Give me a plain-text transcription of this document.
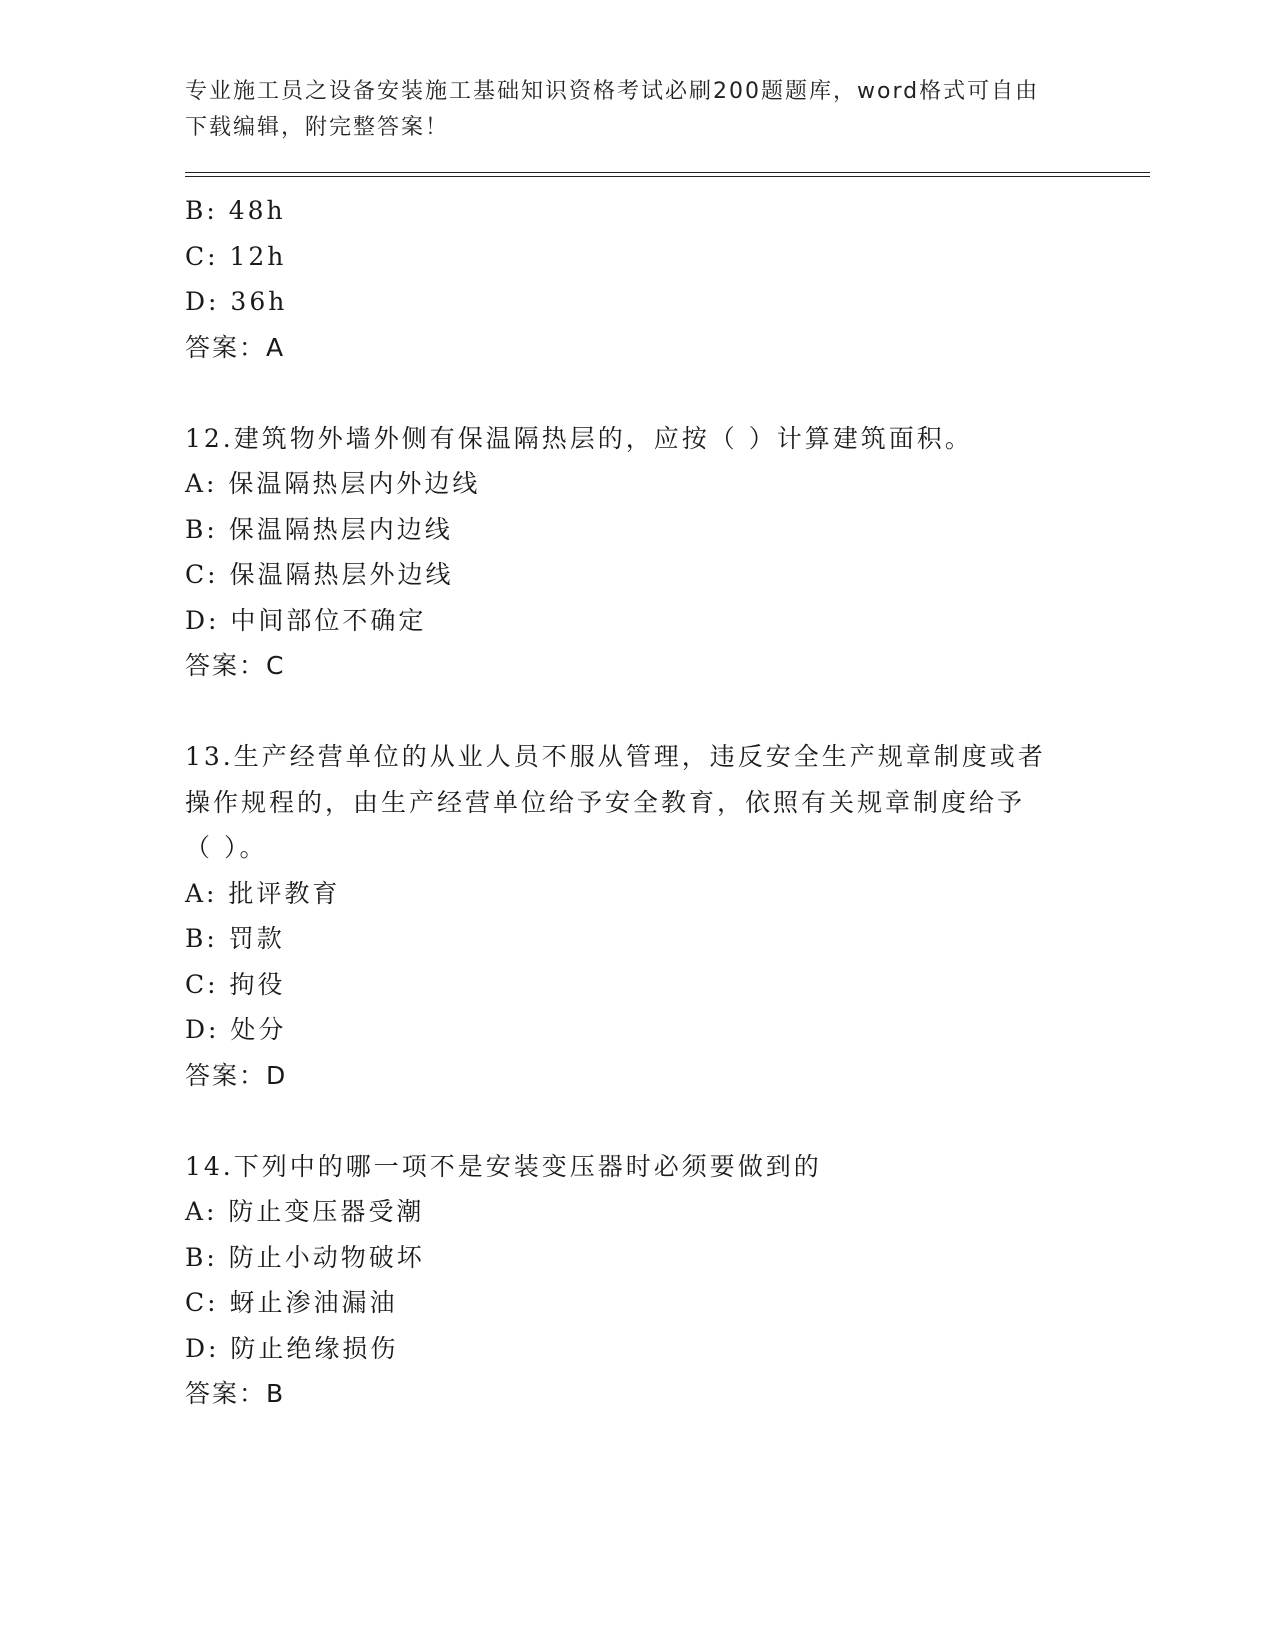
专业施工员之设备安装施工基础知识资格考试必刷200题题库，word格式可自由
下载编辑，附完整答案！
B: 48h
C: 12h
D: 36h
答案：A
12.建筑物外墙外侧有保温隔热层的，应按（ ）计算建筑面积。
A: 保温隔热层内外边线
B: 保温隔热层内边线
C: 保温隔热层外边线
D: 中间部位不确定
答案：C
13.生产经营单位的从业人员不服从管理，违反安全生产规章制度或者
操作规程的，由生产经营单位给予安全教育，依照有关规章制度给予
（ ）。
A: 批评教育
B: 罚款
C: 拘役
D: 处分
答案：D
14.下列中的哪一项不是安装变压器时必须要做到的
A: 防止变压器受潮
B: 防止小动物破坏
C: 蚜止渗油漏油
D: 防止绝缘损伤
答案：B
